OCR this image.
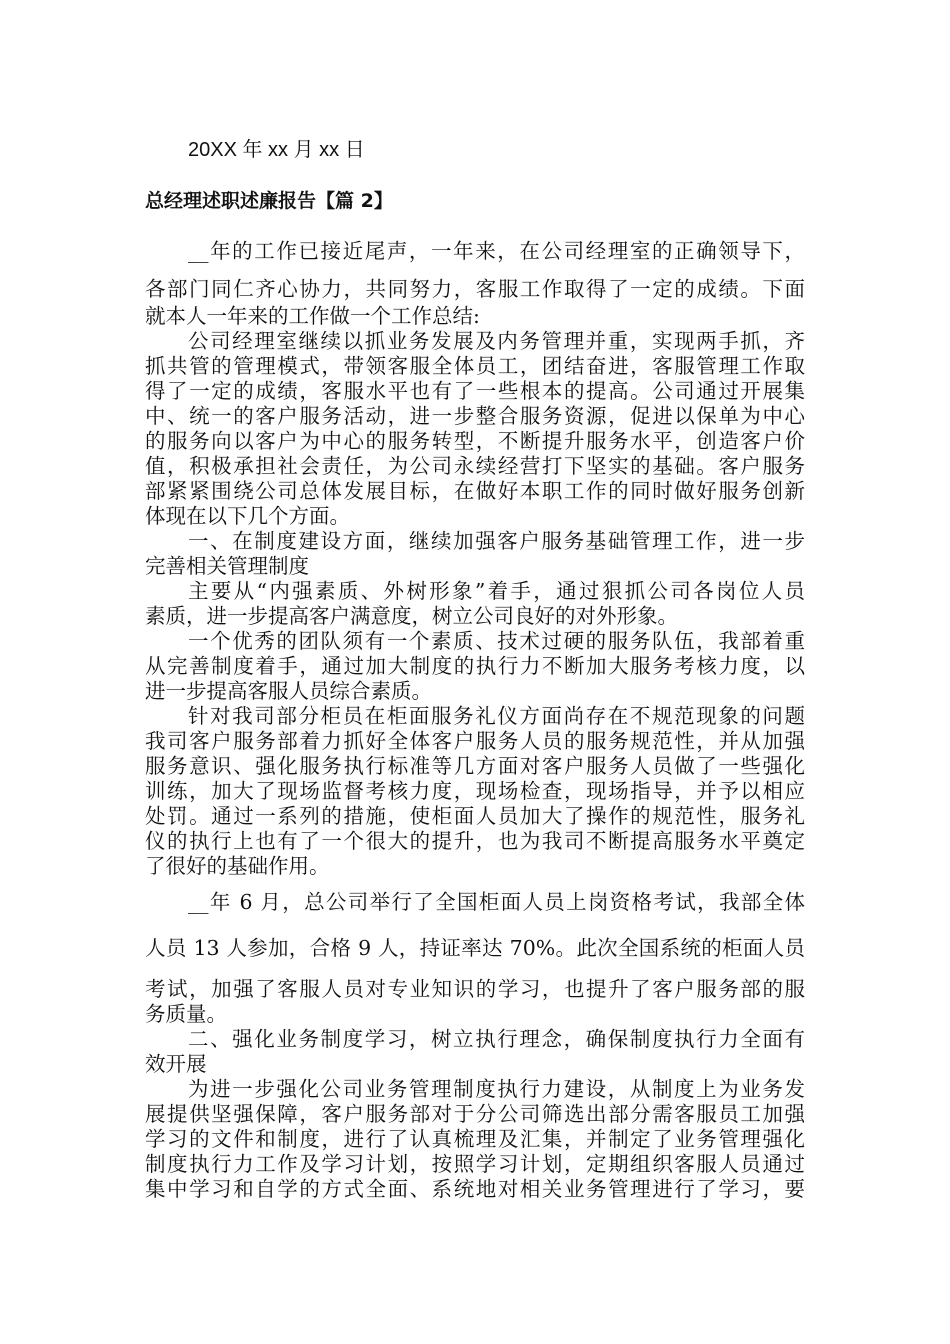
20XX 年 xx 月 xx 日
总经理述职述廉报告【篇 2】
__年的工作已接近尾声，一年来，在公司经理室的正确领导下，
各部门同仁齐心协力，共同努力，客服工作取得了一定的成绩。下面
就本人一年来的工作做一个工作总结:
公司经理室继续以抓业务发展及内务管理并重，实现两手抓，齐
抓共管的管理模式，带领客服全体员工，团结奋进，客服管理工作取
得了一定的成绩，客服水平也有了一些根本的提高。公司通过开展集
中、统一的客户服务活动，进一步整合服务资源，促进以保单为中心
的服务向以客户为中心的服务转型，不断提升服务水平，创造客户价
值，积极承担社会责任，为公司永续经营打下坚实的基础。客户服务
部紧紧围绕公司总体发展目标，在做好本职工作的同时做好服务创新
体现在以下几个方面。
一、在制度建设方面，继续加强客户服务基础管理工作，进一步
完善相关管理制度
主要从“内强素质、外树形象”着手，通过狠抓公司各岗位人员
素质，进一步提高客户满意度，树立公司良好的对外形象。
一个优秀的团队须有一个素质、技术过硬的服务队伍，我部着重
从完善制度着手，通过加大制度的执行力不断加大服务考核力度，以
进一步提高客服人员综合素质。
针对我司部分柜员在柜面服务礼仪方面尚存在不规范现象的问题
我司客户服务部着力抓好全体客户服务人员的服务规范性，并从加强
服务意识、强化服务执行标准等几方面对客户服务人员做了一些强化
训练，加大了现场监督考核力度，现场检查，现场指导，并予以相应
处罚。通过一系列的措施，使柜面人员加大了操作的规范性，服务礼
仪的执行上也有了一个很大的提升，也为我司不断提高服务水平奠定
了很好的基础作用。
__年 6 月，总公司举行了全国柜面人员上岗资格考试，我部全体
人员 13 人参加，合格 9 人，持证率达 70%。此次全国系统的柜面人员
考试，加强了客服人员对专业知识的学习，也提升了客户服务部的服
务质量。
二、强化业务制度学习，树立执行理念，确保制度执行力全面有
效开展
为进一步强化公司业务管理制度执行力建设，从制度上为业务发
展提供坚强保障，客户服务部对于分公司筛选出部分需客服员工加强
学习的文件和制度，进行了认真梳理及汇集，并制定了业务管理强化
制度执行力工作及学习计划，按照学习计划，定期组织客服人员通过
集中学习和自学的方式全面、系统地对相关业务管理进行了学习，要
